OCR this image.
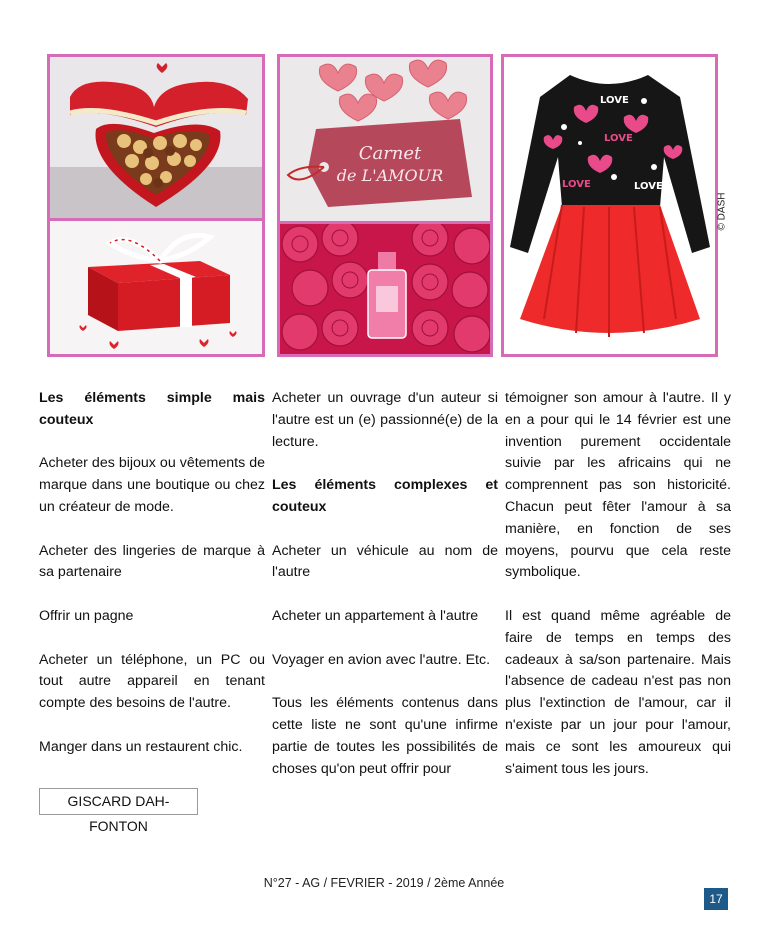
Carnet
de L'AMOUR
LOVE
LOVE	LOVE
LOVE
© DASH

Les éléments simple mais couteux

Acheter des bijoux ou vêtements de marque dans une boutique ou chez un créateur de mode.

Acheter des lingeries de marque à sa partenaire

Offrir un pagne

Acheter un téléphone, un PC ou tout autre appareil en tenant compte des besoins de l'autre.

Manger dans un restaurent chic.

Acheter un ouvrage d'un auteur si l'autre est un (e) passionné(e) de la lecture.

Les éléments complexes et couteux

Acheter un véhicule au nom de l'autre

Acheter un appartement à l'autre

Voyager en avion avec l'autre. Etc.

Tous les éléments contenus dans cette liste ne sont qu'une infirme partie de toutes les possibilités de choses qu'on peut offrir pour

témoigner son amour à l'autre. Il y en a pour qui le 14 février est une invention purement occidentale suivie par les africains qui ne comprennent pas son historicité. Chacun peut fêter l'amour à sa manière, en fonction de ses moyens, pourvu que cela reste symbolique.

Il est quand même agréable de faire de temps en temps des cadeaux à sa/son partenaire. Mais l'absence de cadeau n'est pas non plus l'extinction de l'amour, car il n'existe par un jour pour l'amour, mais ce sont les amoureux qui s'aiment tous les jours.

GISCARD DAH-FONTON
N°27 - AG / FEVRIER - 2019 / 2ème Année
17
